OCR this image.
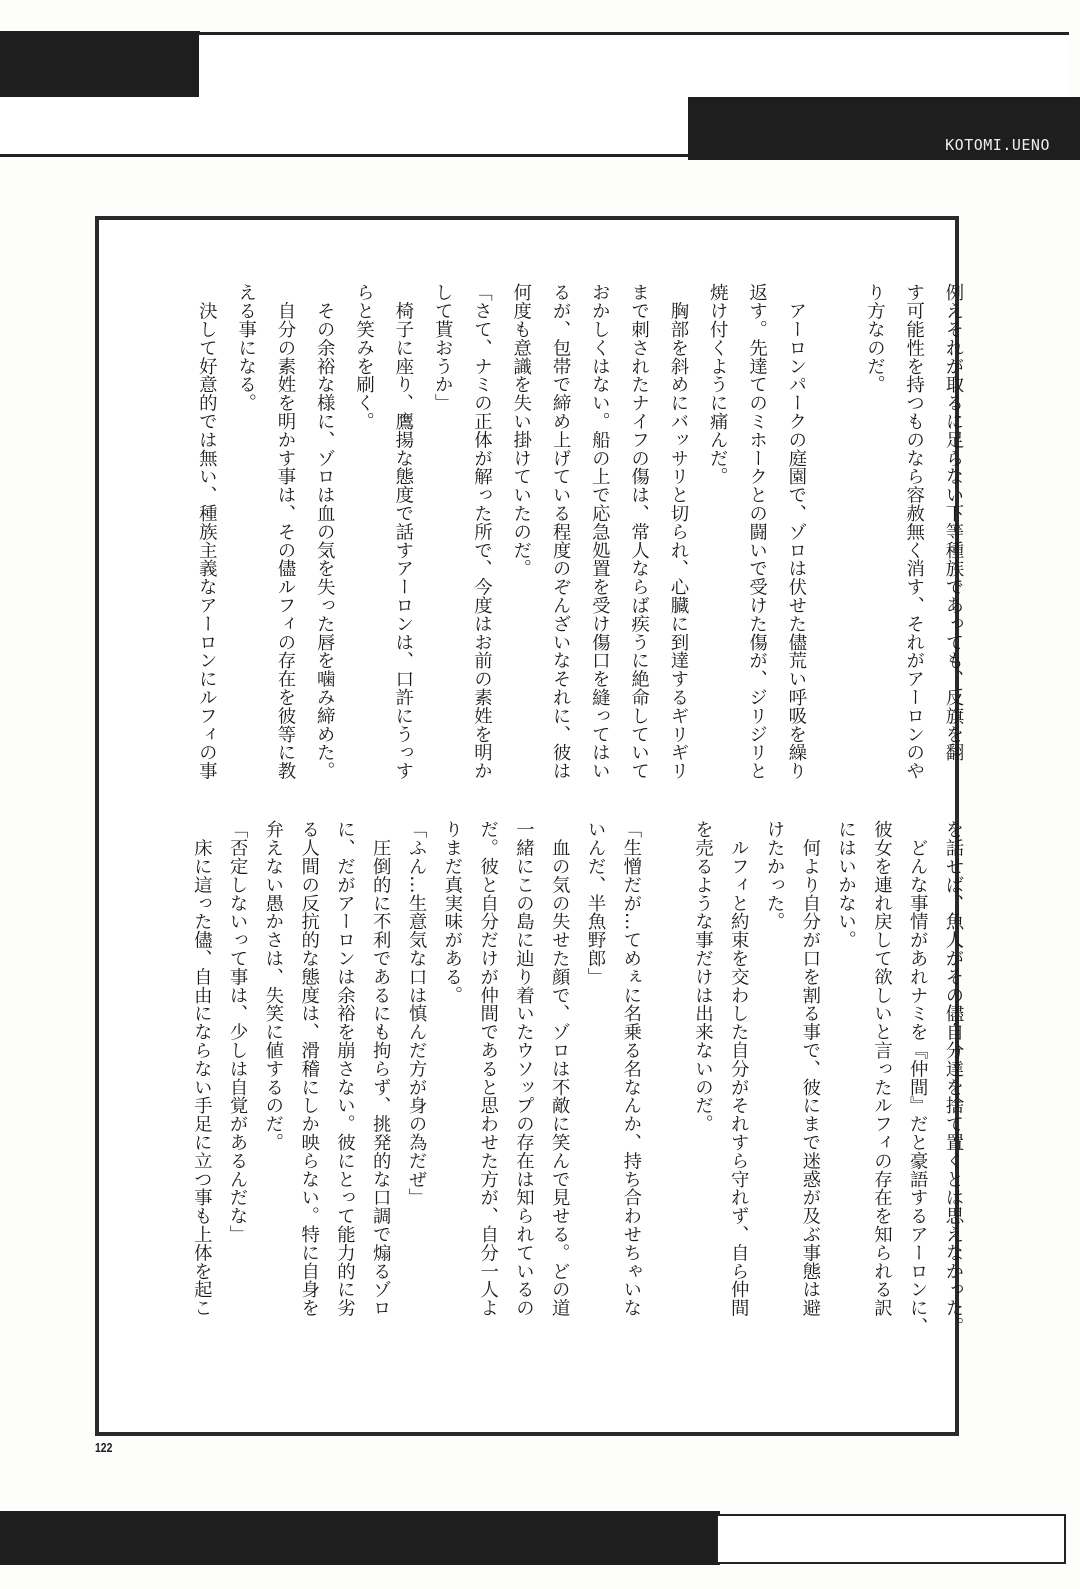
KOTOMI.UENO
例えそれが取るに足らない下等種族であっても、反旗を翻
す可能性を持つものなら容赦無く消す、それがアーロンのや
り方なのだ。
　アーロンパークの庭園で、ゾロは伏せた儘荒い呼吸を繰り
返す。先達てのミホークとの闘いで受けた傷が、ジリジリと
焼け付くように痛んだ。
　胸部を斜めにバッサリと切られ、心臓に到達するギリギリ
まで刺されたナイフの傷は、常人ならば疾うに絶命していて
おかしくはない。船の上で応急処置を受け傷口を縫ってはい
るが、包帯で締め上げている程度のぞんざいなそれに、彼は
何度も意識を失い掛けていたのだ。
「さて、ナミの正体が解った所で、今度はお前の素姓を明か
して貰おうか」
　椅子に座り、鷹揚な態度で話すアーロンは、口許にうっす
らと笑みを刷く。
　その余裕な様に、ゾロは血の気を失った唇を噛み締めた。
　自分の素姓を明かす事は、その儘ルフィの存在を彼等に教
える事になる。
　決して好意的では無い、種族主義なアーロンにルフィの事
を話せば、魚人がその儘自分達を捨て置くとは思えなかった。
　どんな事情があれナミを『仲間』だと豪語するアーロンに、
彼女を連れ戻して欲しいと言ったルフィの存在を知られる訳
にはいかない。
　何より自分が口を割る事で、彼にまで迷惑が及ぶ事態は避
けたかった。
　ルフィと約束を交わした自分がそれすら守れず、自ら仲間
を売るような事だけは出来ないのだ。
「生憎だが…てめぇに名乗る名なんか、持ち合わせちゃいな
いんだ、半魚野郎」
　血の気の失せた顔で、ゾロは不敵に笑んで見せる。どの道
一緒にこの島に辿り着いたウソップの存在は知られているの
だ。彼と自分だけが仲間であると思わせた方が、自分一人よ
りまだ真実味がある。
「ふん…生意気な口は慎んだ方が身の為だぜ」
　圧倒的に不利であるにも拘らず、挑発的な口調で煽るゾロ
に、だがアーロンは余裕を崩さない。彼にとって能力的に劣
る人間の反抗的な態度は、滑稽にしか映らない。特に自身を
弁えない愚かさは、失笑に値するのだ。
「否定しないって事は、少しは自覚があるんだな」
　床に這った儘、自由にならない手足に立つ事も上体を起こ
122
